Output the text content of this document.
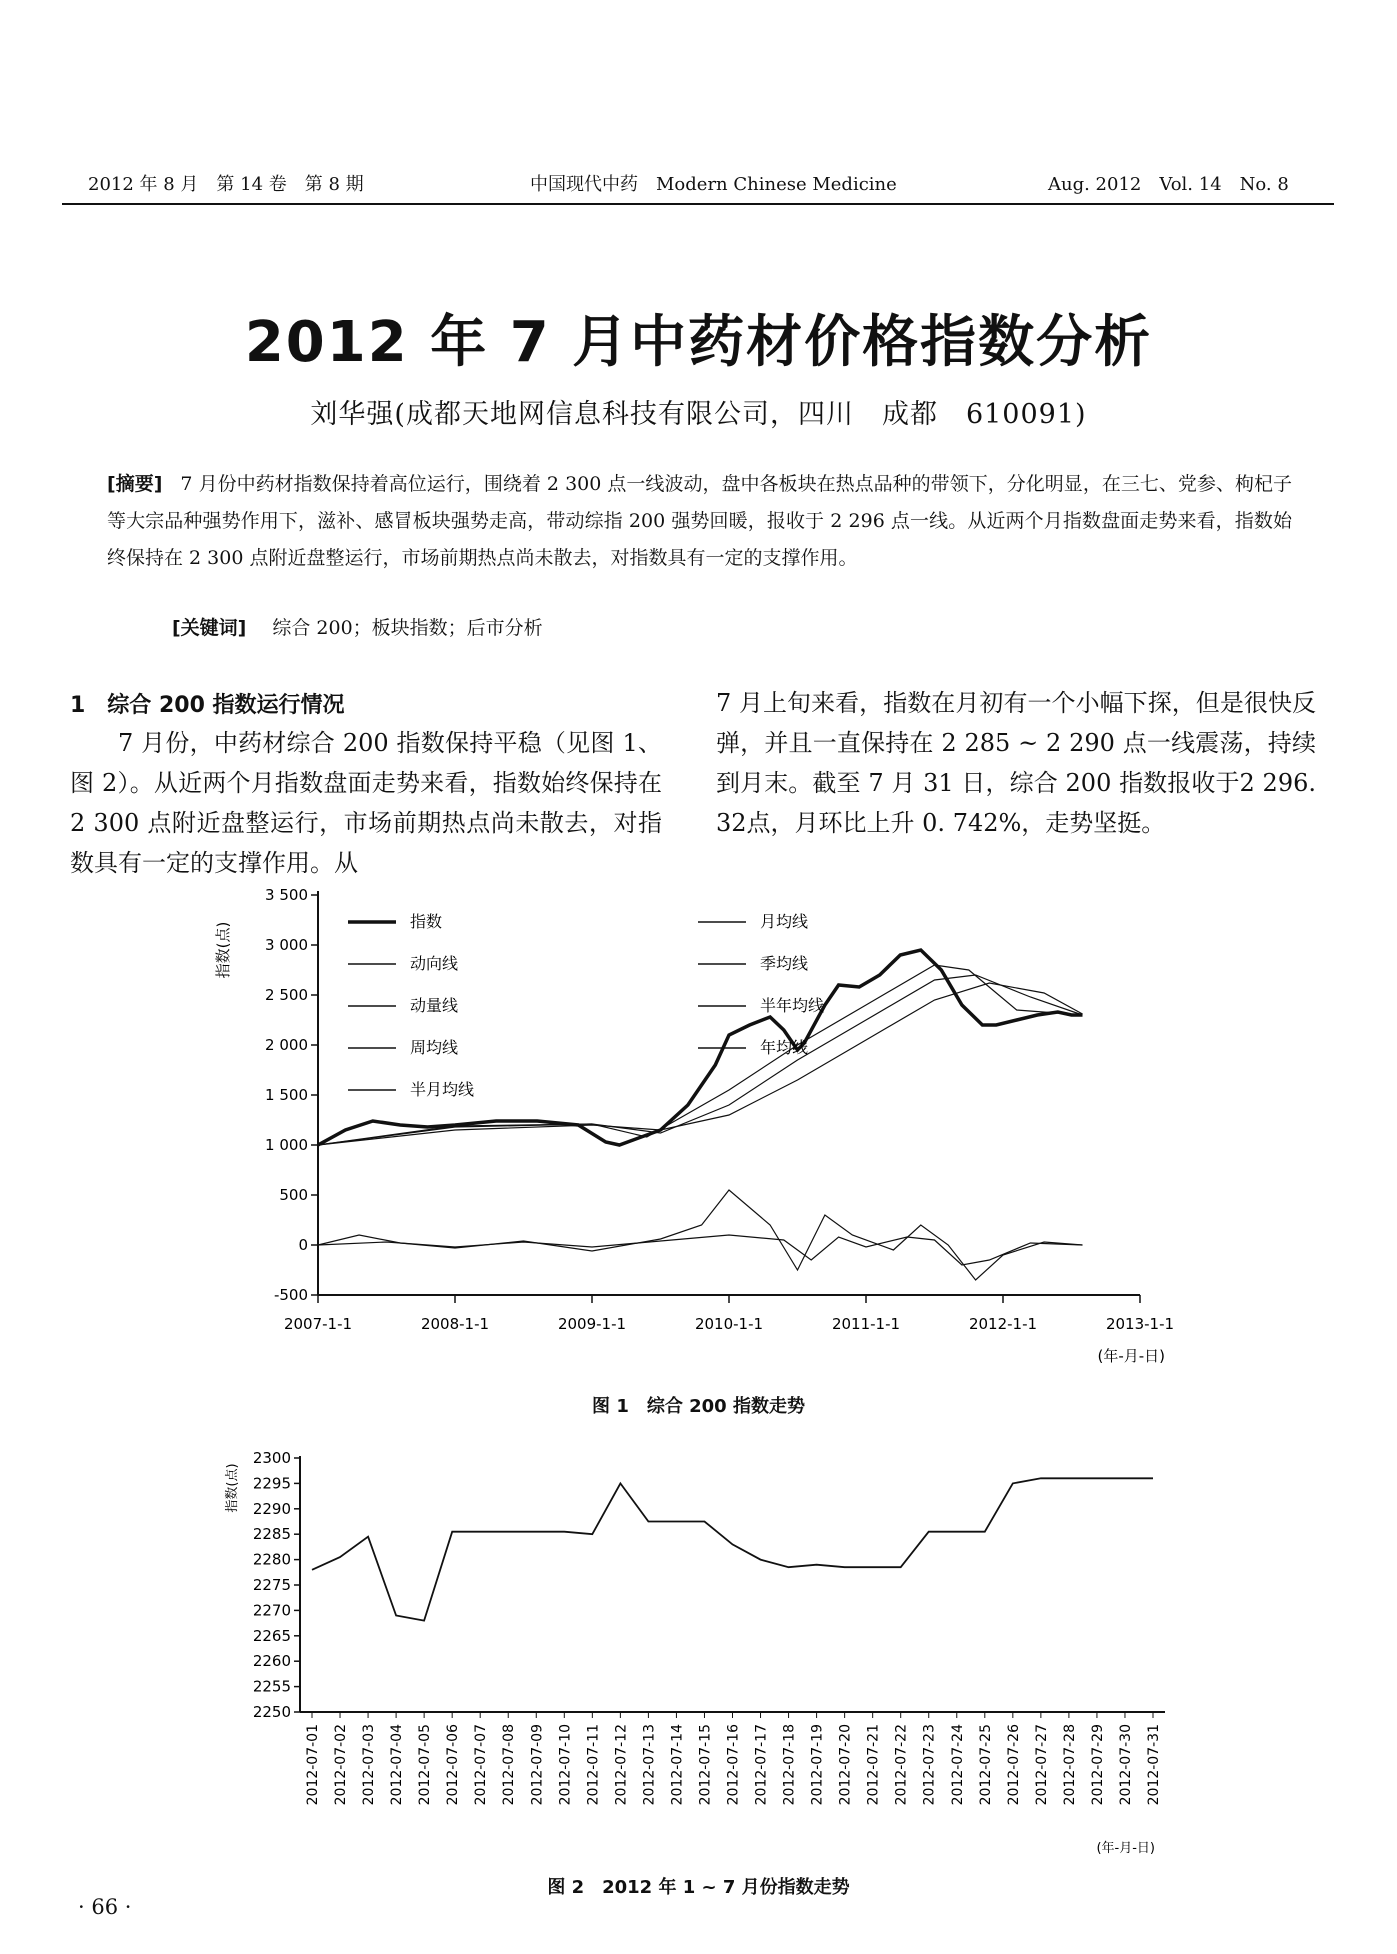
2012 年 8 月　第 14 卷　第 8 期	中国现代中药　Modern Chinese Medicine	Aug. 2012　Vol. 14　No. 8
2012 年 7 月中药材价格指数分析
刘华强(成都天地网信息科技有限公司，四川　成都　610091)
[摘要] 7 月份中药材指数保持着高位运行，围绕着 2 300 点一线波动，盘中各板块在热点品种的带领下，分化明显，在三七、党参、枸杞子等大宗品种强势作用下，滋补、感冒板块强势走高，带动综指 200 强势回暖，报收于 2 296 点一线。从近两个月指数盘面走势来看，指数始终保持在 2 300 点附近盘整运行，市场前期热点尚未散去，对指数具有一定的支撑作用。
[关键词] 综合 200；板块指数；后市分析
1　综合 200 指数运行情况
7 月份，中药材综合 200 指数保持平稳（见图 1、图 2）。从近两个月指数盘面走势来看，指数始终保持在 2 300 点附近盘整运行，市场前期热点尚未散去，对指数具有一定的支撑作用。从
7 月上旬来看，指数在月初有一个小幅下探，但是很快反弹，并且一直保持在 2 285 ~ 2 290 点一线震荡，持续到月末。截至 7 月 31 日，综合 200 指数报收于2 296. 32点，月环比上升 0. 742%，走势坚挺。
3 500
3 000
2 500
2 000
1 500
1 000
500
0
-500
2007-1-1	2008-1-1	2009-1-1	2010-1-1	2011-1-1	2012-1-1	2013-1-1
指数(点)
(年-月-日)
指数
动向线
动量线
周均线
半月均线
月均线
季均线
半年均线
年均线
图 1　综合 200 指数走势
2300
2295
2290
2285
2280
2275
2270
2265
2260
2255
2250
2012-07-01 2012-07-02 2012-07-03 2012-07-04 2012-07-05 2012-07-06 2012-07-07 2012-07-08 2012-07-09 2012-07-10 2012-07-11 2012-07-12 2012-07-13 2012-07-14 2012-07-15 2012-07-16 2012-07-17 2012-07-18 2012-07-19 2012-07-20 2012-07-21 2012-07-22 2012-07-23 2012-07-24 2012-07-25 2012-07-26 2012-07-27 2012-07-28 2012-07-29 2012-07-30 2012-07-31
指数(点)
(年-月-日)
图 2　2012 年 1 ~ 7 月份指数走势
· 66 ·
